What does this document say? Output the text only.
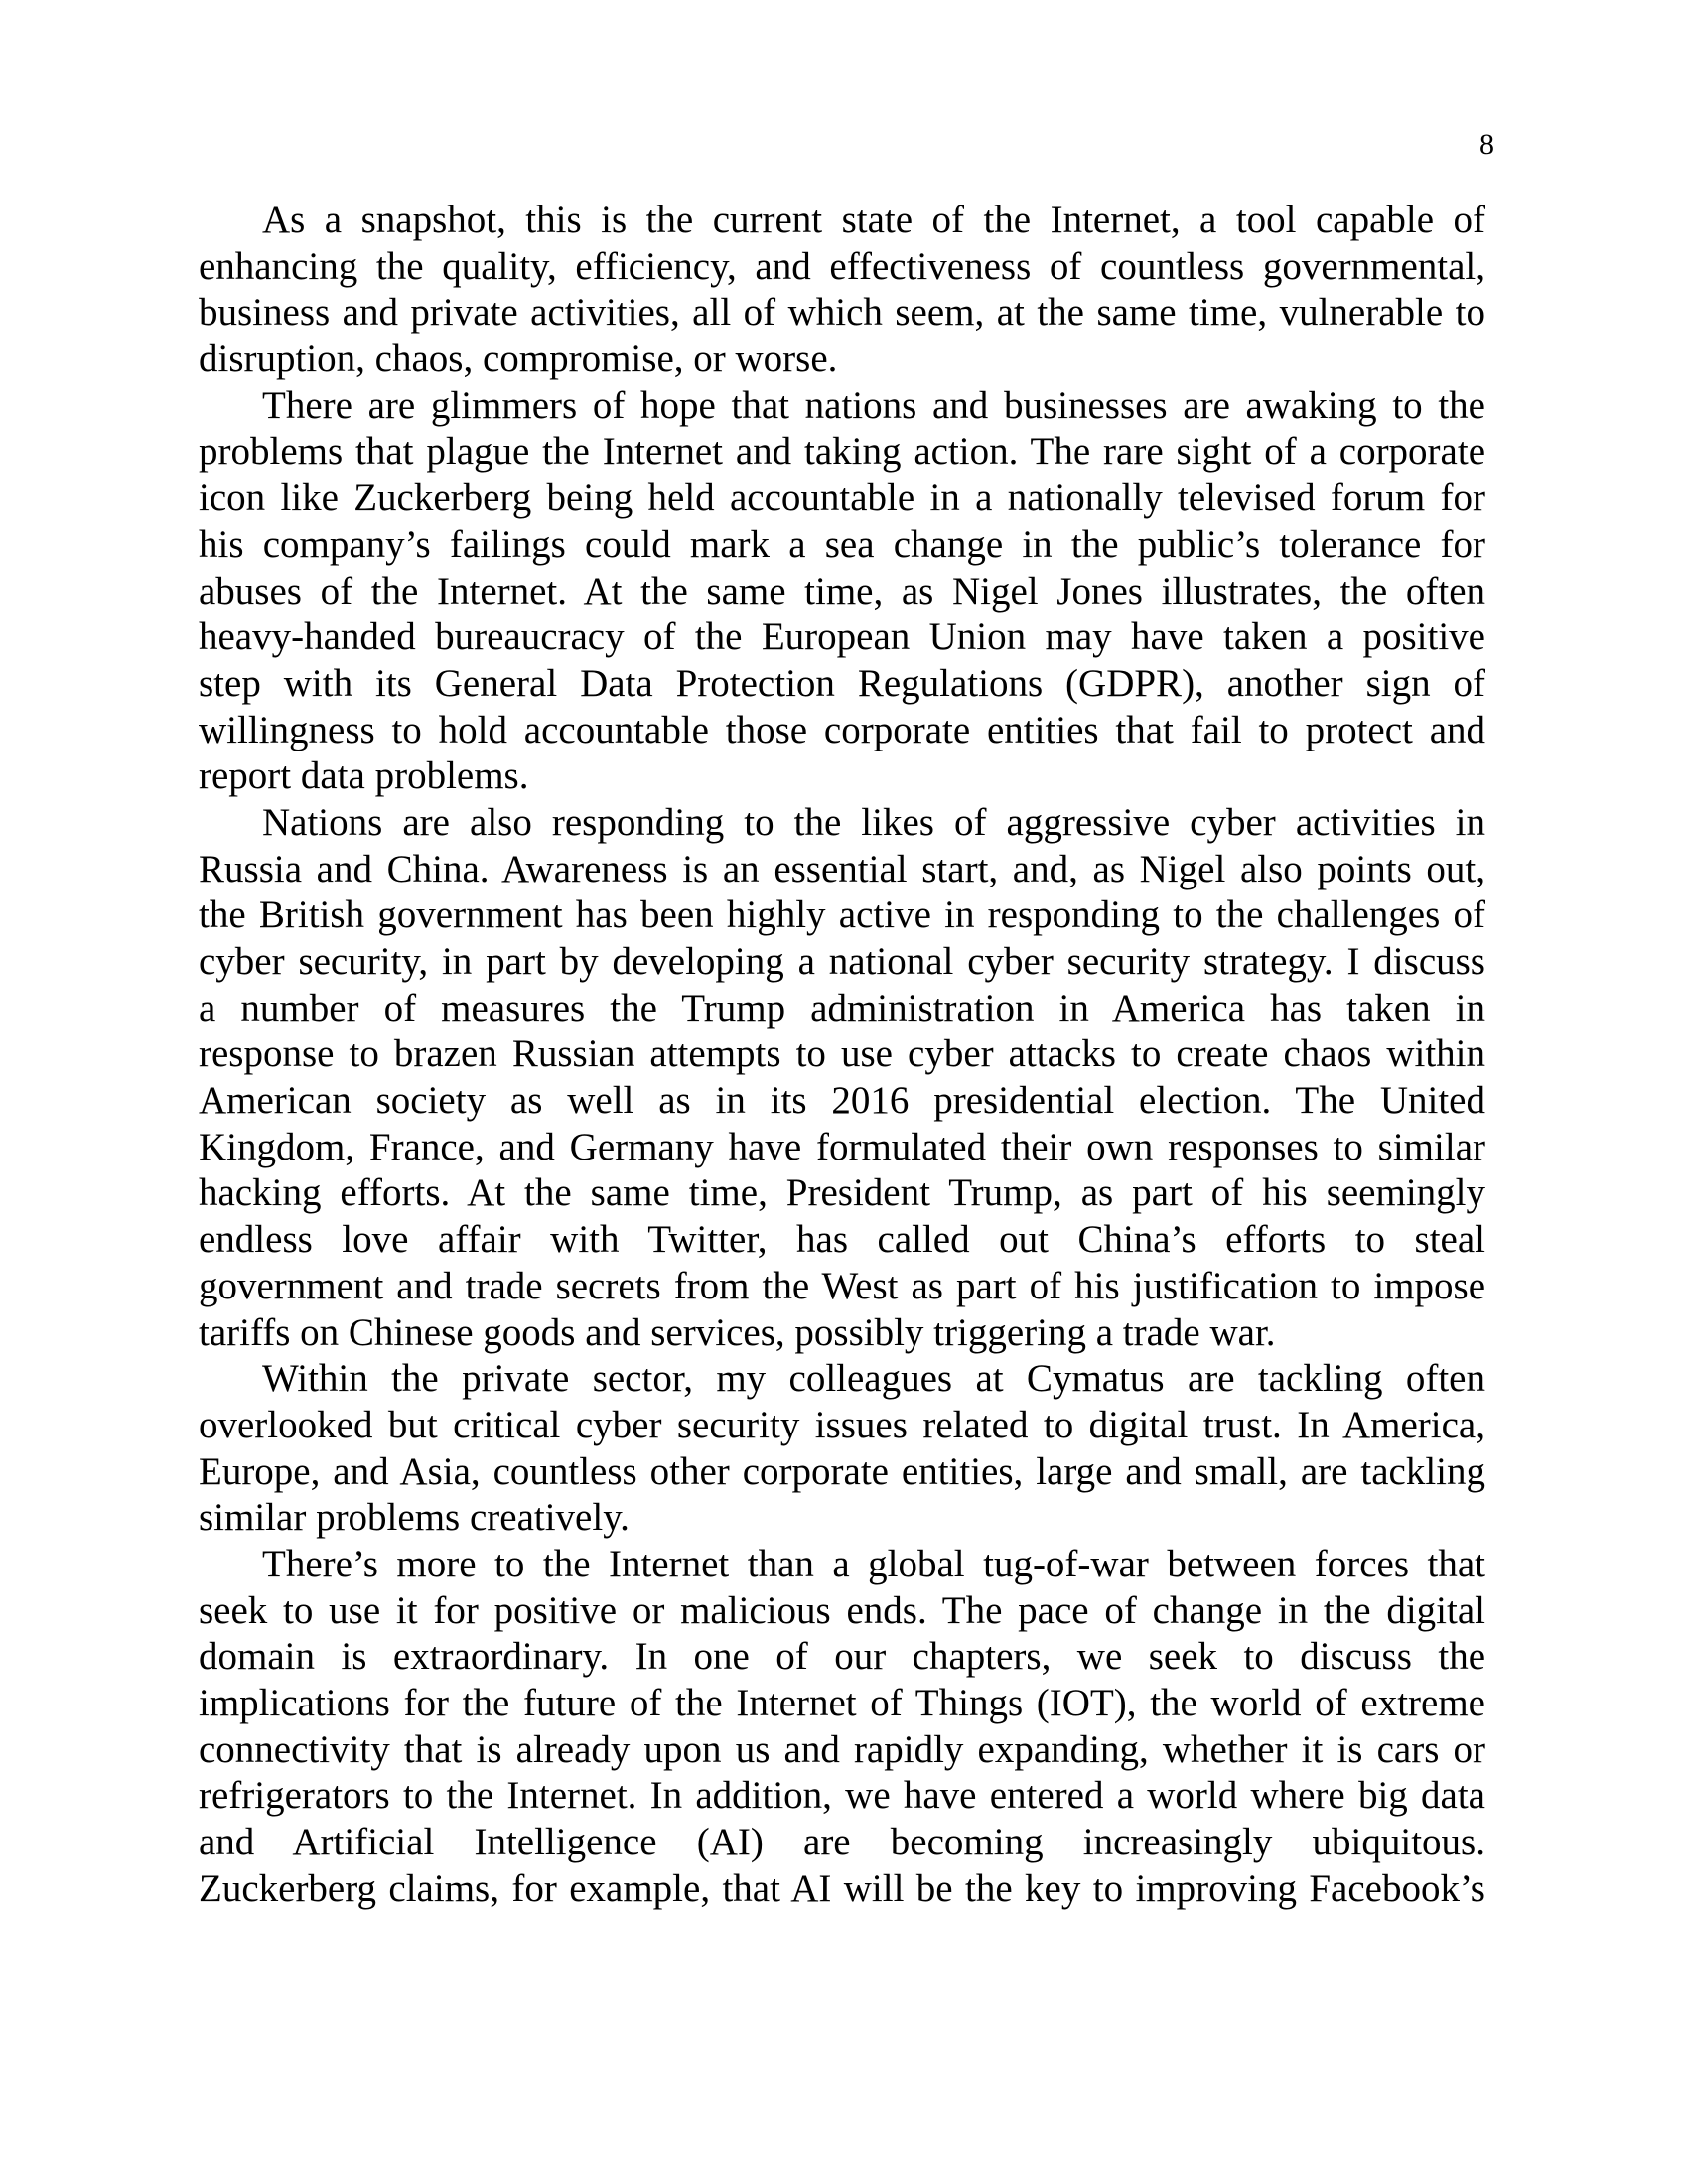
8
As a snapshot, this is the current state of the Internet, a tool capable of
enhancing the quality, efficiency, and effectiveness of countless governmental,
business and private activities, all of which seem, at the same time, vulnerable to
disruption, chaos, compromise, or worse.
There are glimmers of hope that nations and businesses are awaking to the
problems that plague the Internet and taking action. The rare sight of a corporate
icon like Zuckerberg being held accountable in a nationally televised forum for
his company’s failings could mark a sea change in the public’s tolerance for
abuses of the Internet. At the same time, as Nigel Jones illustrates, the often
heavy-handed bureaucracy of the European Union may have taken a positive
step with its General Data Protection Regulations (GDPR), another sign of
willingness to hold accountable those corporate entities that fail to protect and
report data problems.
Nations are also responding to the likes of aggressive cyber activities in
Russia and China. Awareness is an essential start, and, as Nigel also points out,
the British government has been highly active in responding to the challenges of
cyber security, in part by developing a national cyber security strategy. I discuss
a number of measures the Trump administration in America has taken in
response to brazen Russian attempts to use cyber attacks to create chaos within
American society as well as in its 2016 presidential election. The United
Kingdom, France, and Germany have formulated their own responses to similar
hacking efforts. At the same time, President Trump, as part of his seemingly
endless love affair with Twitter, has called out China’s efforts to steal
government and trade secrets from the West as part of his justification to impose
tariffs on Chinese goods and services, possibly triggering a trade war.
Within the private sector, my colleagues at Cymatus are tackling often
overlooked but critical cyber security issues related to digital trust. In America,
Europe, and Asia, countless other corporate entities, large and small, are tackling
similar problems creatively.
There’s more to the Internet than a global tug-of-war between forces that
seek to use it for positive or malicious ends. The pace of change in the digital
domain is extraordinary. In one of our chapters, we seek to discuss the
implications for the future of the Internet of Things (IOT), the world of extreme
connectivity that is already upon us and rapidly expanding, whether it is cars or
refrigerators to the Internet. In addition, we have entered a world where big data
and Artificial Intelligence (AI) are becoming increasingly ubiquitous.
Zuckerberg claims, for example, that AI will be the key to improving Facebook’s
